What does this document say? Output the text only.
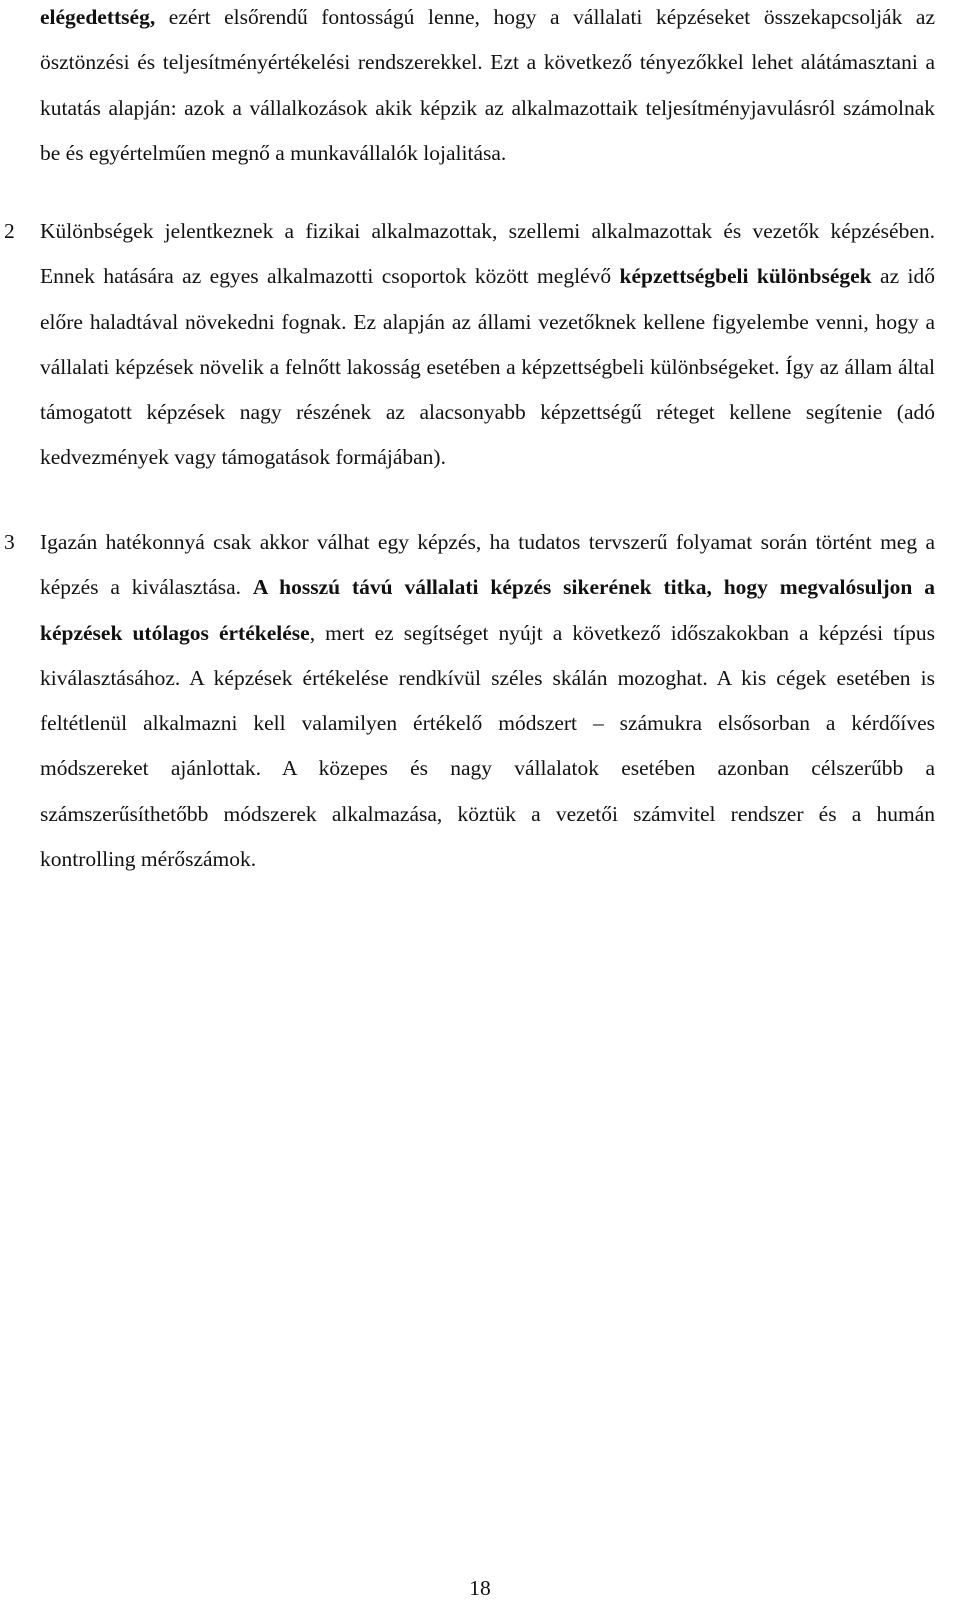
elégedettség, ezért elsőrendű fontosságú lenne, hogy a vállalati képzéseket összekapcsolják az ösztönzési és teljesítményértékelési rendszerekkel. Ezt a következő tényezőkkel lehet alátámasztani a kutatás alapján: azok a vállalkozások akik képzik az alkalmazottaik teljesítményjavulásról számolnak be és egyértelműen megnő a munkavállalók lojalitása.

2	Különbségek jelentkeznek a fizikai alkalmazottak, szellemi alkalmazottak és vezetők képzésében. Ennek hatására az egyes alkalmazotti csoportok között meglévő képzettségbeli különbségek az idő előre haladtával növekedni fognak. Ez alapján az állami vezetőknek kellene figyelembe venni, hogy a vállalati képzések növelik a felnőtt lakosság esetében a képzettségbeli különbségeket. Így az állam által támogatott képzések nagy részének az alacsonyabb képzettségű réteget kellene segítenie (adó kedvezmények vagy támogatások formájában).

3	Igazán hatékonnyá csak akkor válhat egy képzés, ha tudatos tervszerű folyamat során történt meg a képzés a kiválasztása. A hosszú távú vállalati képzés sikerének titka, hogy megvalósuljon a képzések utólagos értékelése, mert ez segítséget nyújt a következő időszakokban a képzési típus kiválasztásához. A képzések értékelése rendkívül széles skálán mozoghat. A kis cégek esetében is feltétlenül alkalmazni kell valamilyen értékelő módszert – számukra elsősorban a kérdőíves módszereket ajánlottak. A közepes és nagy vállalatok esetében azonban célszerűbb a számszerűsíthetőbb módszerek alkalmazása, köztük a vezetői számvitel rendszer és a humán kontrolling mérőszámok.

18
